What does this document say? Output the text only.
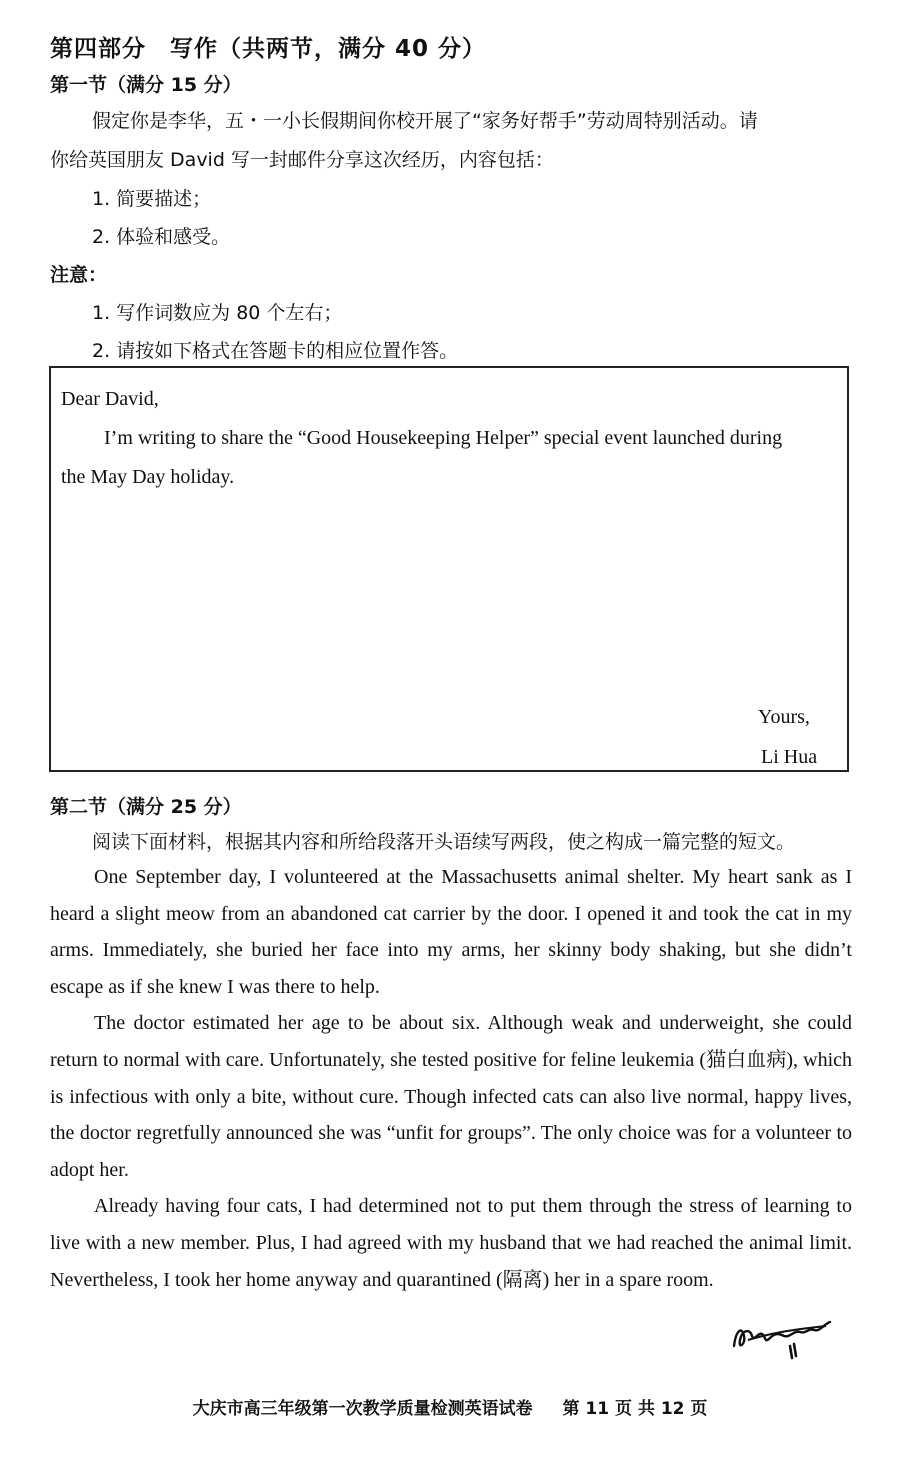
第四部分　写作（共两节，满分 40 分）
第一节（满分 15 分）
假定你是李华，五・一小长假期间你校开展了“家务好帮手”劳动周特别活动。请
你给英国朋友 David 写一封邮件分享这次经历，内容包括：
1. 简要描述；
2. 体验和感受。
注意：
1. 写作词数应为 80 个左右；
2. 请按如下格式在答题卡的相应位置作答。
Dear David,
I’m writing to share the “Good Housekeeping Helper” special event launched during
the May Day holiday.
Yours,
Li Hua
第二节（满分 25 分）
阅读下面材料，根据其内容和所给段落开头语续写两段，使之构成一篇完整的短文。

One September day, I volunteered at the Massachusetts animal shelter. My heart sank as I heard a slight meow from an abandoned cat carrier by the door. I opened it and took the cat in my arms. Immediately, she buried her face into my arms, her skinny body shaking, but she didn’t escape as if she knew I was there to help.

The doctor estimated her age to be about six. Although weak and underweight, she could return to normal with care. Unfortunately, she tested positive for feline leukemia (猫白血病), which is infectious with only a bite, without cure. Though infected cats can also live normal, happy lives, the doctor regretfully announced she was “unfit for groups”. The only choice was for a volunteer to adopt her.

Already having four cats, I had determined not to put them through the stress of learning to live with a new member. Plus, I had agreed with my husband that we had reached the animal limit. Nevertheless, I took her home anyway and quarantined (隔离) her in a spare room.

大庆市高三年级第一次教学质量检测英语试卷 第 11 页 共 12 页
